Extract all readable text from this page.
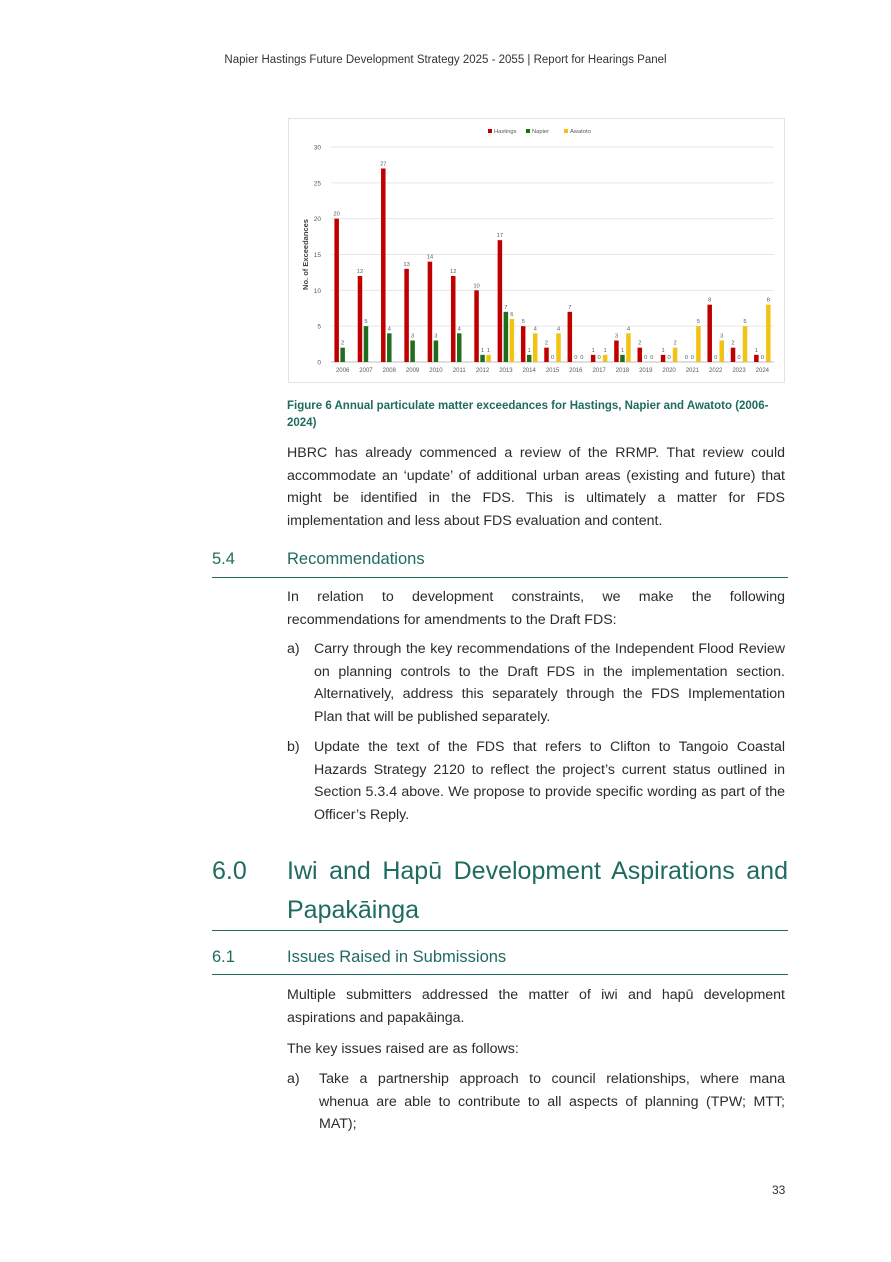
Napier Hastings Future Development Strategy 2025 - 2055 | Report for Hearings Panel
0
5
10
15
20
25
30
No. of Exceedances
2006 2007 2008 2009 2010 2011 2012 2013 2014 2015 2016 2017 2018 2019 2020 2021 2022 2023 2024
20
12
27
13
14
12
10
17
5
2
7
1
3
2
1
0
8
2
1
2
5
4
3	3
4
1
7
1
0	0	0
1
0	0	0	0	0	0
1
6
4	4
0
1
4
0
2
5
3
5
8
Hastings	Napier	Awatoto
Figure 6 Annual particulate matter exceedances for Hastings, Napier and Awatoto (2006-2024)
HBRC has already commenced a review of the RRMP. That review could accommodate an ‘update’ of additional urban areas (existing and future) that might be identified in the FDS. This is ultimately a matter for FDS implementation and less about FDS evaluation and content.
5.4	Recommendations
In relation to development constraints, we make the following recommendations for amendments to the Draft FDS:
a)	Carry through the key recommendations of the Independent Flood Review on planning controls to the Draft FDS in the implementation section. Alternatively, address this separately through the FDS Implementation Plan that will be published separately.
b)	Update the text of the FDS that refers to Clifton to Tangoio Coastal Hazards Strategy 2120 to reflect the project’s current status outlined in Section 5.3.4 above. We propose to provide specific wording as part of the Officer’s Reply.
6.0 Iwi and Hapū Development Aspirations and Papakāinga
6.1	Issues Raised in Submissions
Multiple submitters addressed the matter of iwi and hapū development aspirations and papakāinga.
The key issues raised are as follows:
a)	Take a partnership approach to council relationships, where mana whenua are able to contribute to all aspects of planning (TPW; MTT; MAT);
33
